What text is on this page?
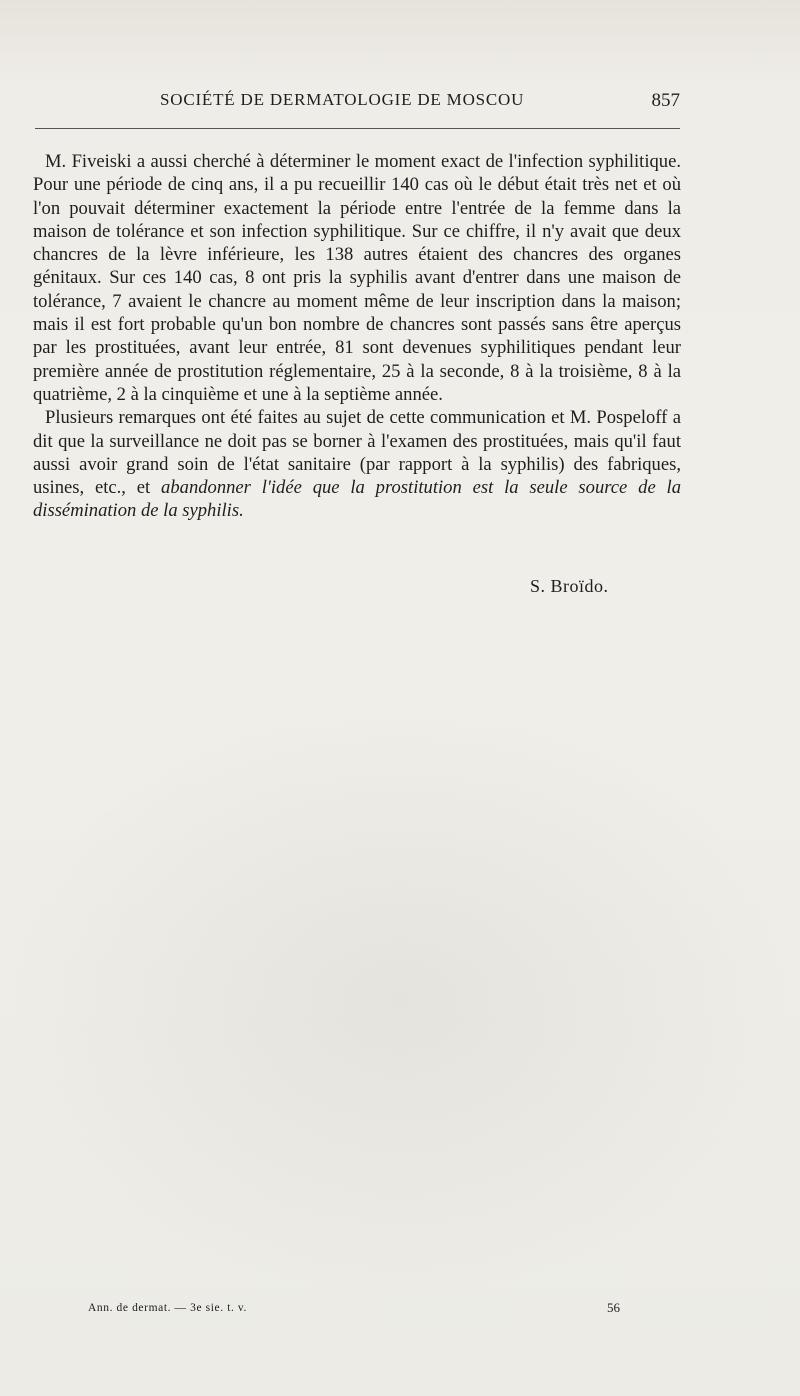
SOCIÉTÉ DE DERMATOLOGIE DE MOSCOU	857

M. Fiveiski a aussi cherché à déterminer le moment exact de l'infection syphilitique. Pour une période de cinq ans, il a pu recueillir 140 cas où le début était très net et où l'on pouvait déterminer exactement la période entre l'entrée de la femme dans la maison de tolérance et son infection syphilitique. Sur ce chiffre, il n'y avait que deux chancres de la lèvre inférieure, les 138 autres étaient des chancres des organes génitaux. Sur ces 140 cas, 8 ont pris la syphilis avant d'entrer dans une maison de tolérance, 7 avaient le chancre au moment même de leur inscription dans la maison; mais il est fort probable qu'un bon nombre de chancres sont passés sans être aperçus par les prostituées, avant leur entrée, 81 sont devenues syphilitiques pendant leur première année de prostitution réglementaire, 25 à la seconde, 8 à la troisième, 8 à la quatrième, 2 à la cinquième et une à la septième année.

Plusieurs remarques ont été faites au sujet de cette communication et M. Pospeloff a dit que la surveillance ne doit pas se borner à l'examen des prostituées, mais qu'il faut aussi avoir grand soin de l'état sanitaire (par rapport à la syphilis) des fabriques, usines, etc., et abandonner l'idée que la prostitution est la seule source de la dissémination de la syphilis.

S. Broïdo.
Ann. de dermat. — 3e sie. t. v.	56
